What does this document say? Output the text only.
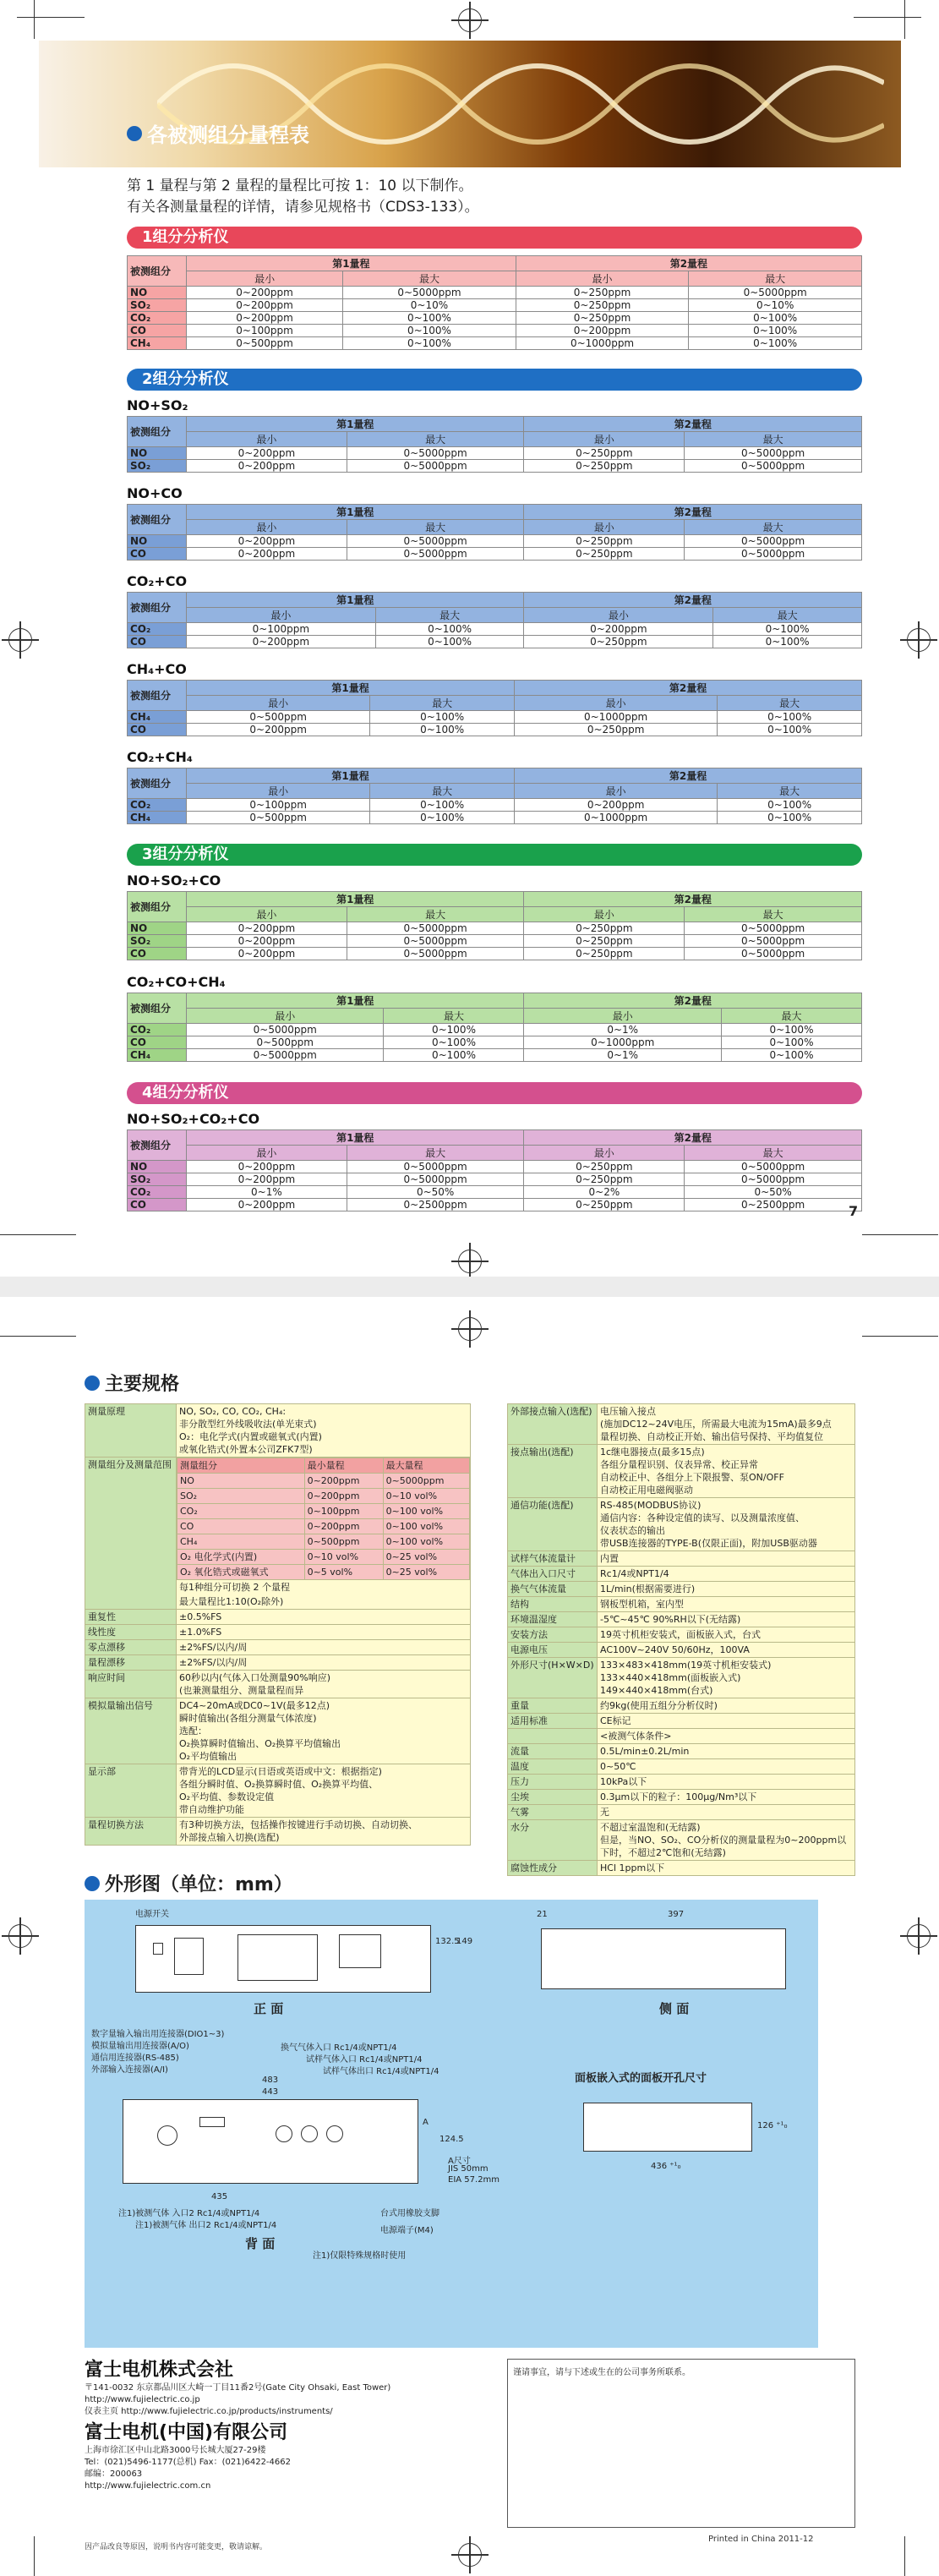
各被测组分量程表
第 1 量程与第 2 量程的量程比可按 1：10 以下制作。
有关各测量量程的详情，请参见规格书（CDS3-133）。
1组分分析仪
被测组分	第1量程		第2量程	
	最小	最大	最小	最大
NO	0~200ppm	0~5000ppm	0~250ppm	0~5000ppm
SO₂	0~200ppm	0~10%	0~250ppm	0~10%
CO₂	0~200ppm	0~100%	0~250ppm	0~100%
CO	0~100ppm	0~100%	0~200ppm	0~100%
CH₄	0~500ppm	0~100%	0~1000ppm	0~100%
2组分分析仪
NO+SO₂
被测组分	第1量程		第2量程	
	最小	最大	最小	最大
NO	0~200ppm	0~5000ppm	0~250ppm	0~5000ppm
SO₂	0~200ppm	0~5000ppm	0~250ppm	0~5000ppm
NO+CO
被测组分	第1量程		第2量程	
	最小	最大	最小	最大
NO	0~200ppm	0~5000ppm	0~250ppm	0~5000ppm
CO	0~200ppm	0~5000ppm	0~250ppm	0~5000ppm
CO₂+CO
被测组分	第1量程		第2量程	
	最小	最大	最小	最大
CO₂	0~100ppm	0~100%	0~200ppm	0~100%
CO	0~200ppm	0~100%	0~250ppm	0~100%
CH₄+CO
被测组分	第1量程		第2量程	
	最小	最大	最小	最大
CH₄	0~500ppm	0~100%	0~1000ppm	0~100%
CO	0~200ppm	0~100%	0~250ppm	0~100%
CO₂+CH₄
被测组分	第1量程		第2量程	
	最小	最大	最小	最大
CO₂	0~100ppm	0~100%	0~200ppm	0~100%
CH₄	0~500ppm	0~100%	0~1000ppm	0~100%
3组分分析仪
NO+SO₂+CO
被测组分	第1量程		第2量程	
	最小	最大	最小	最大
NO	0~200ppm	0~5000ppm	0~250ppm	0~5000ppm
SO₂	0~200ppm	0~5000ppm	0~250ppm	0~5000ppm
CO	0~200ppm	0~5000ppm	0~250ppm	0~5000ppm
CO₂+CO+CH₄
被测组分	第1量程		第2量程	
	最小	最大	最小	最大
CO₂	0~5000ppm	0~100%	0~1%	0~100%
CO	0~500ppm	0~100%	0~1000ppm	0~100%
CH₄	0~5000ppm	0~100%	0~1%	0~100%
4组分分析仪
NO+SO₂+CO₂+CO
被测组分	第1量程		第2量程	
	最小	最大	最小	最大
NO	0~200ppm	0~5000ppm	0~250ppm	0~5000ppm
SO₂	0~200ppm	0~5000ppm	0~250ppm	0~5000ppm
CO₂	0~1%	0~50%	0~2%	0~50%
CO	0~200ppm	0~2500ppm	0~250ppm	0~2500ppm	7
主要规格
测量原理	NO, SO₂, CO, CO₂, CH₄:
非分散型红外线吸收法(单光束式)
O₂：电化学式(内置或磁氧式(内置)
或氧化锆式(外置本公司ZFK7型)

测量组分及测量范围	测量组分	最小量程	最大量程
NO	0~200ppm	0~5000ppm
SO₂	0~200ppm	0~10 vol%
CO₂	0~100ppm	0~100 vol%
CO	0~200ppm	0~100 vol%
CH₄	0~500ppm	0~100 vol%
O₂ 电化学式(内置)	0~10 vol%	0~25 vol%
O₂ 氧化锆式或磁氧式	0~5 vol%	0~25 vol%
每1种组分可切换 2 个量程
最大量程比1:10(O₂除外)

重复性	±0.5%FS

线性度	±1.0%FS

零点漂移	±2%FS/以内/周

量程漂移	±2%FS/以内/周

响应时间	60秒以内(气体入口处测量90%响应)
(也兼测量组分、测量量程而异

模拟量输出信号	DC4~20mA或DC0~1V(最多12点)
瞬时值输出(各组分测量气体浓度)
选配：
O₂换算瞬时值输出、O₂换算平均值输出
O₂平均值输出

显示部	带背光的LCD显示(日语或英语或中文：根据指定)
各组分瞬时值、O₂换算瞬时值、O₂换算平均值、
O₂平均值、参数设定值
带自动维护功能

量程切换方法	有3种切换方法，包括操作按键进行手动切换、自动切换、
外部接点输入切换(选配)
外部接点输入(选配)	电压输入接点
(施加DC12~24V电压，所需最大电流为15mA)最多9点
量程切换、自动校正开始、输出信号保持、平均值复位

接点输出(选配)	1c继电器接点(最多15点)
各组分量程识别、仪表异常、校正异常
自动校正中、各组分上下限报警、泵ON/OFF
自动校正用电磁阀驱动

通信功能(选配)	RS-485(MODBUS协议)
通信内容：各种设定值的读写、以及测量浓度值、
仪表状态的输出
带USB连接器的TYPE-B(仅限正面)，附加USB驱动器

试样气体流量计	内置

气体出入口尺寸	Rc1/4或NPT1/4

换气气体流量	1L/min(根据需要进行)

结构	钢板型机箱，室内型

环境温湿度	-5℃~45℃ 90%RH以下(无结露)

安装方法	19英寸机柜安装式，面板嵌入式，台式

电源电压	AC100V~240V 50/60Hz，100VA

外形尺寸(H×W×D)	133×483×418mm(19英寸机柜安装式)
133×440×418mm(面板嵌入式)
149×440×418mm(台式)

重量	约9kg(使用五组分分析仪时)

适用标准	CE标记

	<被测气体条件>

流量	0.5L/min±0.2L/min

温度	0~50℃

压力	10kPa以下

尘埃	0.3μm以下的粒子：100μg/Nm³以下

气雾	无

水分	不超过室温饱和(无结露)
但是，当NO、SO₂、CO分析仪的测量量程为0~200ppm以
下时，不超过2℃饱和(无结露)

腐蚀性成分	HCl 1ppm以下
外形图（单位：mm）
电源开关
132.5
149
正 面
21	397
侧 面
数字量输入输出用连接器(DIO1~3)
模拟量输出用连接器(A/O)
通信用连接器(RS-485)
外部输入连接器(A/I)
换气气体入口 Rc1/4或NPT1/4
试样气体入口 Rc1/4或NPT1/4
试样气体出口 Rc1/4或NPT1/4
483
443
A
124.5
A尺寸
JIS 50mm
EIA 57.2mm
435
注1)被测气体 入口2 Rc1/4或NPT1/4
注1)被测气体 出口2 Rc1/4或NPT1/4
注1)仅限特殊规格时使用
台式用橡胶支脚
电源端子(M4)
背 面
面板嵌入式的面板开孔尺寸
126 ⁺¹₀
436 ⁺¹₀
富士电机株式会社
〒141-0032 东京都品川区大崎一丁目11番2号(Gate City Ohsaki, East Tower)
http://www.fujielectric.co.jp
仪表主页 http://www.fujielectric.co.jp/products/instruments/
富士电机(中国)有限公司
上海市徐汇区中山北路3000号长城大厦27-29楼
Tel：(021)5496-1177(总机) Fax：(021)6422-4662
邮编：200063
http://www.fujielectric.com.cn
谨请事宜，请与下述或生在的公司事务所联系。
Printed in China 2011-12
因产品改良等原因，说明书内容可能变更，敬请谅解。
